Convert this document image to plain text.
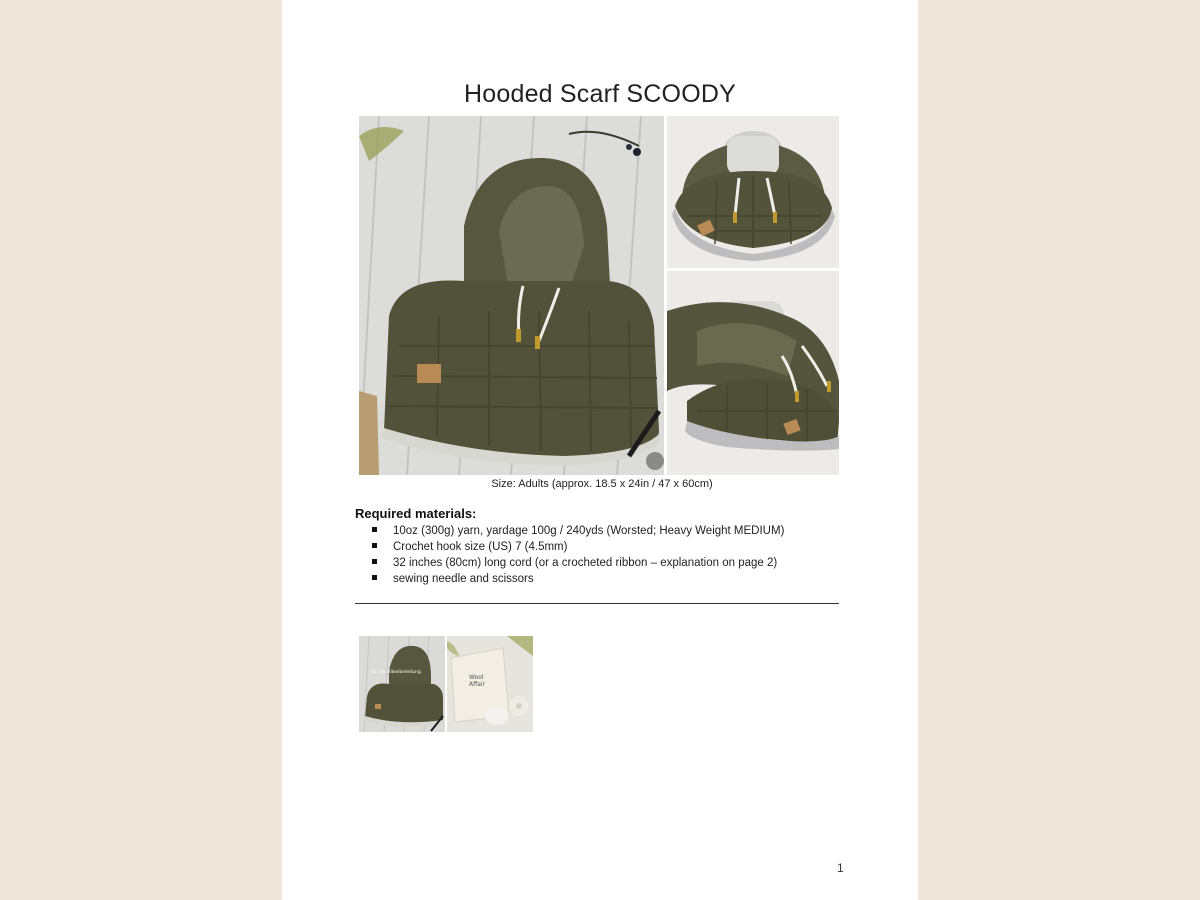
Hooded Scarf SCOODY
Size: Adults (approx. 18.5 x 24in / 47 x 60cm)
Required materials:
10oz (300g) yarn, yardage 100g / 240yds (Worsted; Heavy Weight MEDIUM)
Crochet hook size (US) 7 (4.5mm)
32 inches (80cm) long cord (or a crocheted ribbon – explanation on page 2)
sewing needle and scissors
für die Häkelanleitung
Wool Affair
1
